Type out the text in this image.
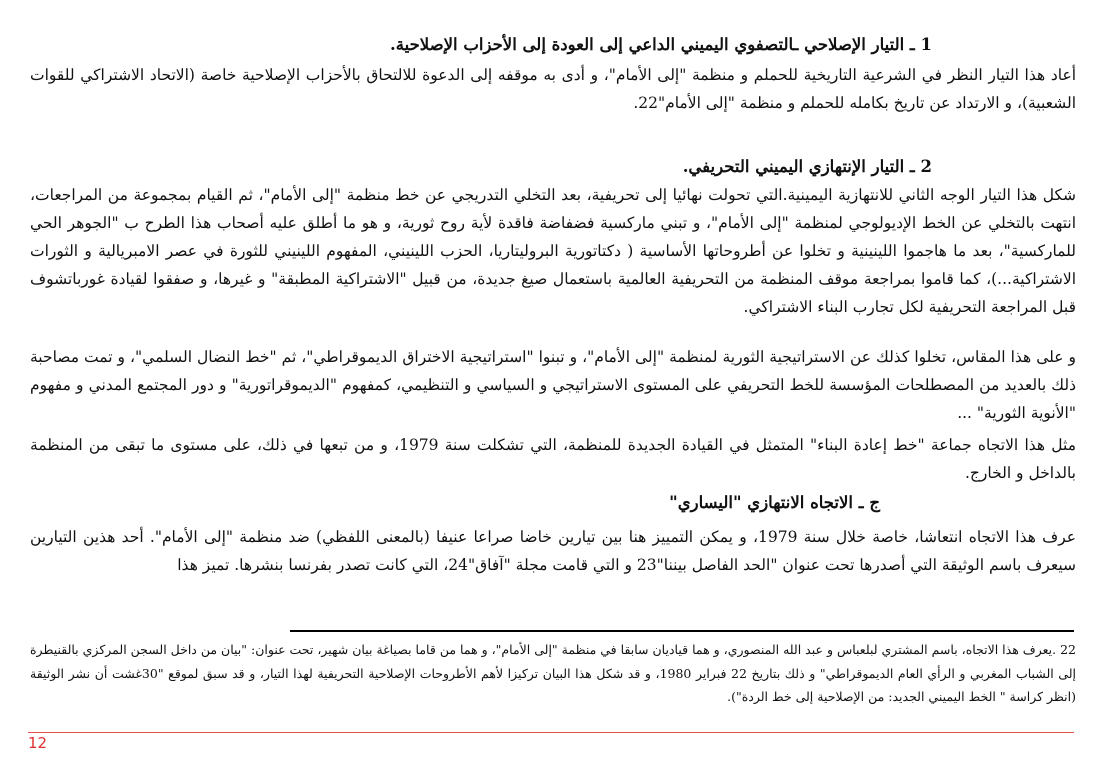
1 ـ التيار الإصلاحي ـالتصفوي اليميني الداعي إلى العودة إلى الأحزاب الإصلاحية.
أعاد هذا التيار النظر في الشرعية التاريخية للحملم و منظمة "إلى الأمام"، و أدى به موقفه إلى الدعوة للالتحاق بالأحزاب الإصلاحية خاصة (الاتحاد الاشتراكي للقوات الشعبية)، و الارتداد عن تاريخ بكامله للحملم و منظمة "إلى الأمام"22.
2 ـ التيار الإنتهازي اليميني التحريفي.
شكل هذا التيار الوجه الثاني للانتهازية اليمينية.التي تحولت نهائيا إلى تحريفية، بعد التخلي التدريجي عن خط منظمة "إلى الأمام"، ثم القيام بمجموعة من المراجعات، انتهت بالتخلي عن الخط الإديولوجي لمنظمة "إلى الأمام"، و تبني ماركسية فضفاضة فاقدة لأية روح ثورية، و هو ما أطلق عليه أصحاب هذا الطرح ب "الجوهر الحي للماركسية"، بعد ما هاجموا اللينينية و تخلوا عن أطروحاتها الأساسية ( دكتاتورية البروليتاريا، الحزب اللينيني، المفهوم اللينيني للثورة في عصر الامبريالية و الثورات الاشتراكية...)، كما قاموا بمراجعة موقف المنظمة من التحريفية العالمية باستعمال صيغ جديدة، من قبيل "الاشتراكية المطبقة" و غيرها، و صفقوا لقيادة غورباتشوف قبل المراجعة التحريفية لكل تجارب البناء الاشتراكي.
و على هذا المقاس، تخلوا كذلك عن الاستراتيجية الثورية لمنظمة "إلى الأمام"، و تبنوا "استراتيجية الاختراق الديموقراطي"، ثم "خط النضال السلمي"، و تمت مصاحبة ذلك بالعديد من المصطلحات المؤسسة للخط التحريفي على المستوى الاستراتيجي و السياسي و التنظيمي، كمفهوم "الديموقراتورية" و دور المجتمع المدني و مفهوم "الأنوية الثورية" ...
مثل هذا الاتجاه جماعة "خط إعادة البناء" المتمثل في القيادة الجديدة للمنظمة، التي تشكلت سنة 1979، و من تبعها في ذلك، على مستوى ما تبقى من المنظمة بالداخل و الخارج.
ج ـ الاتجاه الانتهازي "اليساري"
عرف هذا الاتجاه انتعاشا، خاصة خلال سنة 1979، و يمكن التمييز هنا بين تيارين خاضا صراعا عنيفا (بالمعنى اللفظي) ضد منظمة "إلى الأمام". أحد هذين التيارين سيعرف باسم الوثيقة التي أصدرها تحت عنوان "الحد الفاصل بيننا"23 و التي قامت مجلة "آفاق"24، التي كانت تصدر بفرنسا بنشرها. تميز هذا
22 .يعرف هذا الاتجاه، باسم المشتري لبلعباس و عبد الله المنصوري، و هما قياديان سابقا في منظمة "إلى الأمام"، و هما من قاما بصياغة بيان شهير، تحت عنوان: "بيان من داخل السجن المركزي بالقنيطرة إلى الشباب المغربي و الرأي العام الديموقراطي" و ذلك بتاريخ 22 فبراير 1980، و قد شكل هذا البيان تركيزا لأهم الأطروحات الإصلاحية التحريفية لهذا التيار، و قد سبق لموقع "30غشت أن نشر الوثيقة (انظر كراسة " الخط اليميني الجديد: من الإصلاحية إلى خط الردة").
12
